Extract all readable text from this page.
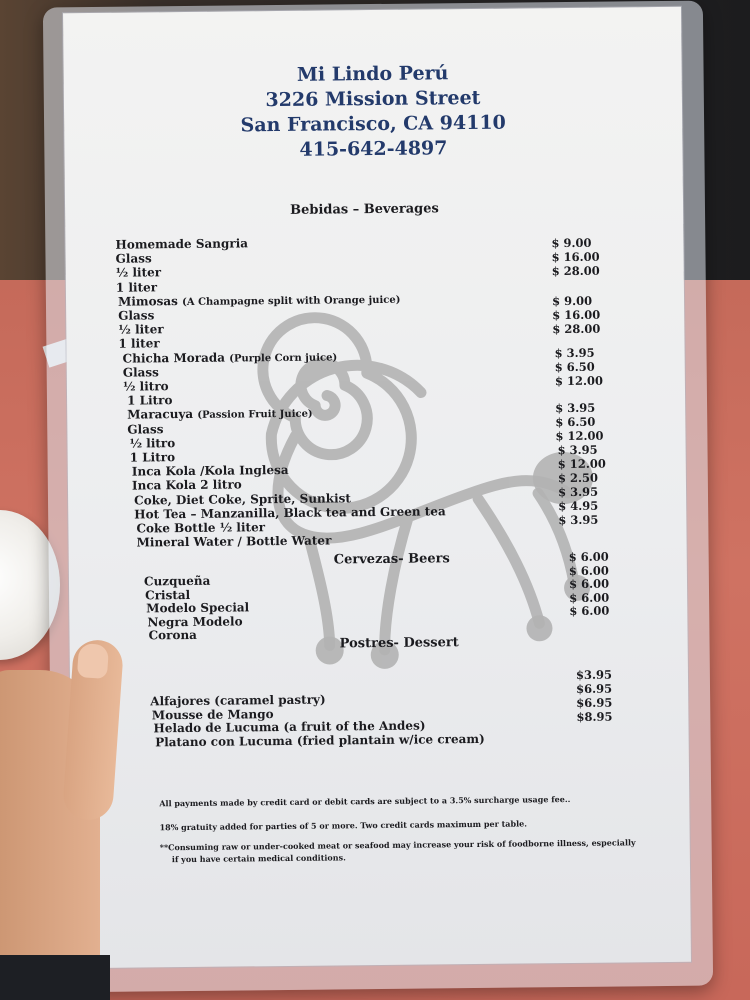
Mi Lindo Perú
3226 Mission Street
San Francisco, CA 94110
415-642-4897
Bebidas – Beverages
Homemade Sangria
Glass
½ liter
1 liter
Mimosas (A Champagne split with Orange juice)
Glass
½ liter
1 liter
Chicha Morada (Purple Corn juice)
Glass
½ litro
1 Litro
Maracuya (Passion Fruit Juice)
Glass
½ litro
1 Litro
Inca Kola /Kola Inglesa
Inca Kola 2 litro
Coke, Diet Coke, Sprite, Sunkist
Hot Tea – Manzanilla, Black tea and Green tea
Coke Bottle ½ liter
Mineral Water / Bottle Water
$ 9.00
$ 16.00
$ 28.00
$ 9.00
$ 16.00
$ 28.00
$ 3.95
$ 6.50
$ 12.00
$ 3.95
$ 6.50
$ 12.00
$ 3.95
$ 12.00
$ 2.50
$ 3.95
$ 4.95
$ 3.95
Cervezas- Beers
Cuzqueña
Cristal
Modelo Special
Negra Modelo
Corona
$ 6.00
$ 6.00
$ 6.00
$ 6.00
$ 6.00
Postres- Dessert
Alfajores (caramel pastry)
Mousse de Mango
Helado de Lucuma (a fruit of the Andes)
Platano con Lucuma (fried plantain w/ice cream)
$3.95
$6.95
$6.95
$8.95
All payments made by credit card or debit cards are subject to a 3.5% surcharge usage fee..
18% gratuity added for parties of 5 or more. Two credit cards maximum per table.
**Consuming raw or under-cooked meat or seafood may increase your risk of foodborne illness, especially
if you have certain medical conditions.
